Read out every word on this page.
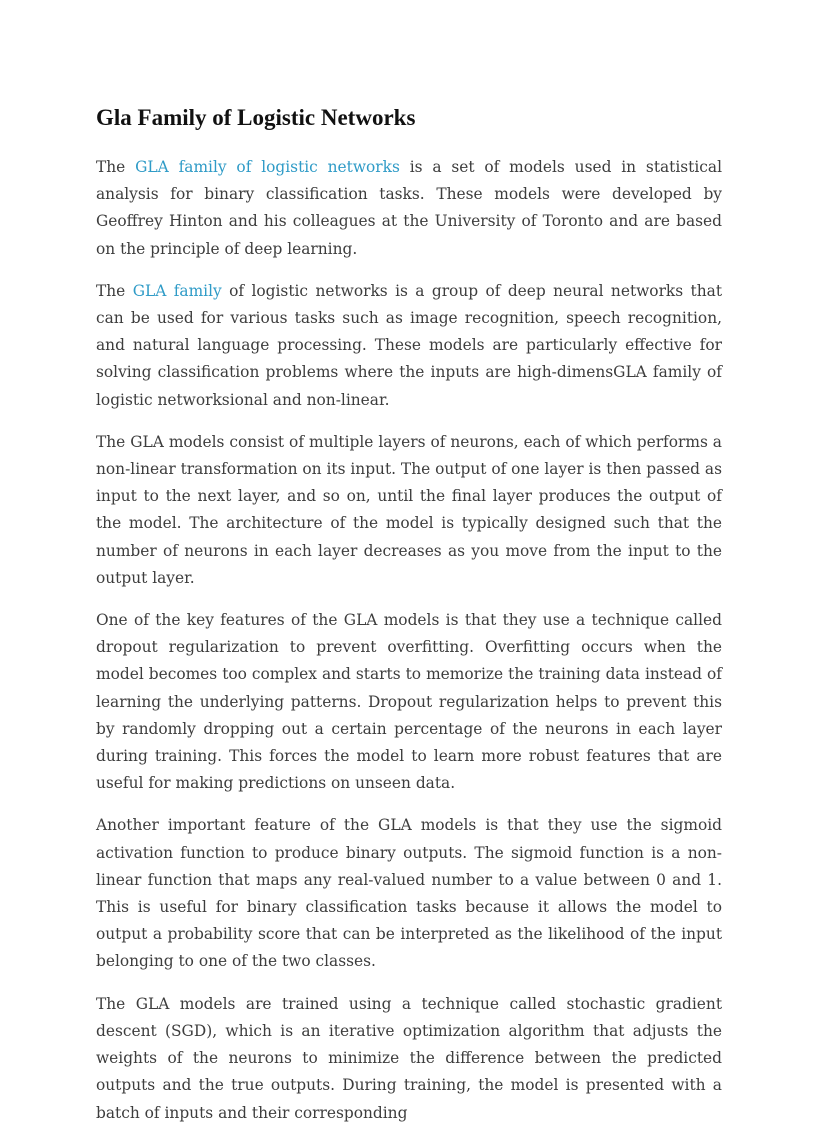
Gla Family of Logistic Networks

The GLA family of logistic networks is a set of models used in statistical analysis for binary classification tasks. These models were developed by Geoffrey Hinton and his colleagues at the University of Toronto and are based on the principle of deep learning.

The GLA family of logistic networks is a group of deep neural networks that can be used for various tasks such as image recognition, speech recognition, and natural language processing. These models are particularly effective for solving classification problems where the inputs are high-dimensGLA family of logistic networksional and non-linear.

The GLA models consist of multiple layers of neurons, each of which performs a non-linear transformation on its input. The output of one layer is then passed as input to the next layer, and so on, until the final layer produces the output of the model. The architecture of the model is typically designed such that the number of neurons in each layer decreases as you move from the input to the output layer.

One of the key features of the GLA models is that they use a technique called dropout regularization to prevent overfitting. Overfitting occurs when the model becomes too complex and starts to memorize the training data instead of learning the underlying patterns. Dropout regularization helps to prevent this by randomly dropping out a certain percentage of the neurons in each layer during training. This forces the model to learn more robust features that are useful for making predictions on unseen data.

Another important feature of the GLA models is that they use the sigmoid activation function to produce binary outputs. The sigmoid function is a non-linear function that maps any real-valued number to a value between 0 and 1. This is useful for binary classification tasks because it allows the model to output a probability score that can be interpreted as the likelihood of the input belonging to one of the two classes.

The GLA models are trained using a technique called stochastic gradient descent (SGD), which is an iterative optimization algorithm that adjusts the weights of the neurons to minimize the difference between the predicted outputs and the true outputs. During training, the model is presented with a batch of inputs and their corresponding
